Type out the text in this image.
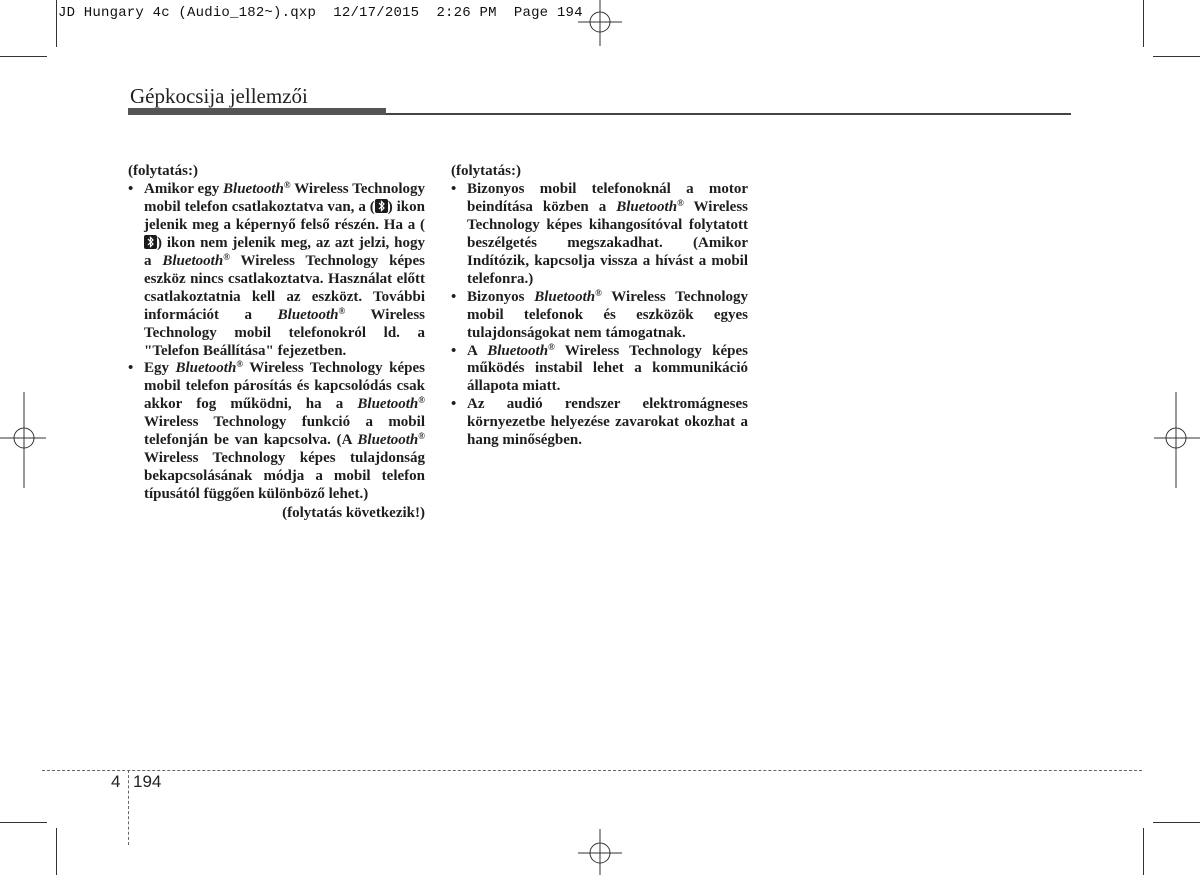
JD Hungary 4c (Audio_182~).qxp  12/17/2015  2:26 PM  Page 194
Gépkocsija jellemzői

(folytatás:)

• Amikor egy Bluetooth® Wireless Technology mobil telefon csatlakoztatva van, a ( ) ikon jelenik meg a képernyő felső részén. Ha a (
) ikon nem jelenik meg, az azt jelzi, hogy a Bluetooth® Wireless Technology képes eszköz nincs csatlakoztatva. Használat előtt csatlakoztatnia kell az eszközt. További információt a Bluetooth® Wireless Technology mobil telefonokról ld. a "Telefon Beállítása" fejezetben.
• Egy Bluetooth® Wireless Technology képes mobil telefon párosítás és kapcsolódás csak akkor fog működni, ha a Bluetooth® Wireless Technology funkció a mobil telefonján be van kapcsolva. (A Bluetooth® Wireless Technology képes tulajdonság bekapcsolásának módja a mobil telefon típusától függően különböző lehet.)

(folytatás következik!)

(folytatás:)

• Bizonyos mobil telefonoknál a motor beindítása közben a Bluetooth® Wireless Technology képes kihangosítóval folytatott beszélgetés megszakadhat. (Amikor Indítózik, kapcsolja vissza a hívást a mobil telefonra.)
• Bizonyos Bluetooth® Wireless Technology mobil telefonok és eszközök egyes tulajdonságokat nem támogatnak.
• A Bluetooth® Wireless Technology képes működés instabil lehet a kommunikáció állapota miatt.
• Az audió rendszer elektromágneses környezetbe helyezése zavarokat okozhat a hang minőségben.
4 194
